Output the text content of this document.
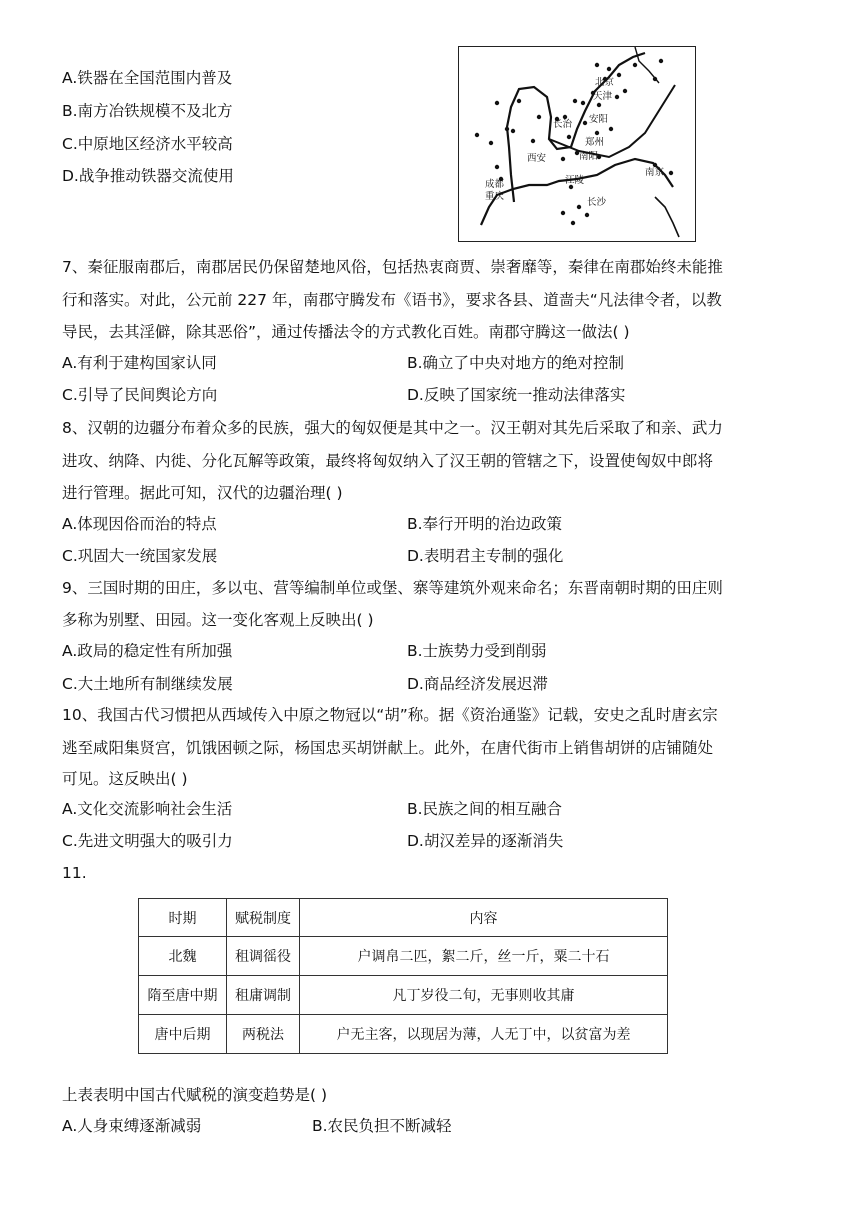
A.铁器在全国范围内普及
B.南方冶铁规模不及北方
C.中原地区经济水平较高
D.战争推动铁器交流使用
北京
天津
安阳
长治
郑州
南阳
西安
成都
重庆
江陵
南京
长沙
7、秦征服南郡后，南郡居民仍保留楚地风俗，包括热衷商贾、崇奢靡等，秦律在南郡始终未能推
行和落实。对此，公元前 227 年，南郡守腾发布《语书》，要求各县、道啬夫“凡法律令者，以教
导民，去其淫僻，除其恶俗”，通过传播法令的方式教化百姓。南郡守腾这一做法( )
A.有利于建构国家认同	B.确立了中央对地方的绝对控制
C.引导了民间舆论方向	D.反映了国家统一推动法律落实
8、汉朝的边疆分布着众多的民族，强大的匈奴便是其中之一。汉王朝对其先后采取了和亲、武力
进攻、纳降、内徙、分化瓦解等政策，最终将匈奴纳入了汉王朝的管辖之下，设置使匈奴中郎将
进行管理。据此可知，汉代的边疆治理( )
A.体现因俗而治的特点	B.奉行开明的治边政策
C.巩固大一统国家发展	D.表明君主专制的强化
9、三国时期的田庄，多以屯、营等编制单位或堡、寨等建筑外观来命名；东晋南朝时期的田庄则
多称为别墅、田园。这一变化客观上反映出( )
A.政局的稳定性有所加强	B.士族势力受到削弱
C.大土地所有制继续发展	D.商品经济发展迟滞
10、我国古代习惯把从西域传入中原之物冠以“胡”称。据《资治通鉴》记载，安史之乱时唐玄宗
逃至咸阳集贤宫，饥饿困顿之际，杨国忠买胡饼献上。此外，在唐代街市上销售胡饼的店铺随处
可见。这反映出( )
A.文化交流影响社会生活	B.民族之间的相互融合
C.先进文明强大的吸引力	D.胡汉差异的逐渐消失
11.
时期	赋税制度	内容
北魏	租调徭役	户调帛二匹，絮二斤，丝一斤，粟二十石
隋至唐中期	租庸调制	凡丁岁役二旬，无事则收其庸
唐中后期	两税法	户无主客，以现居为薄，人无丁中，以贫富为差
上表表明中国古代赋税的演变趋势是( )
A.人身束缚逐渐减弱	B.农民负担不断减轻
